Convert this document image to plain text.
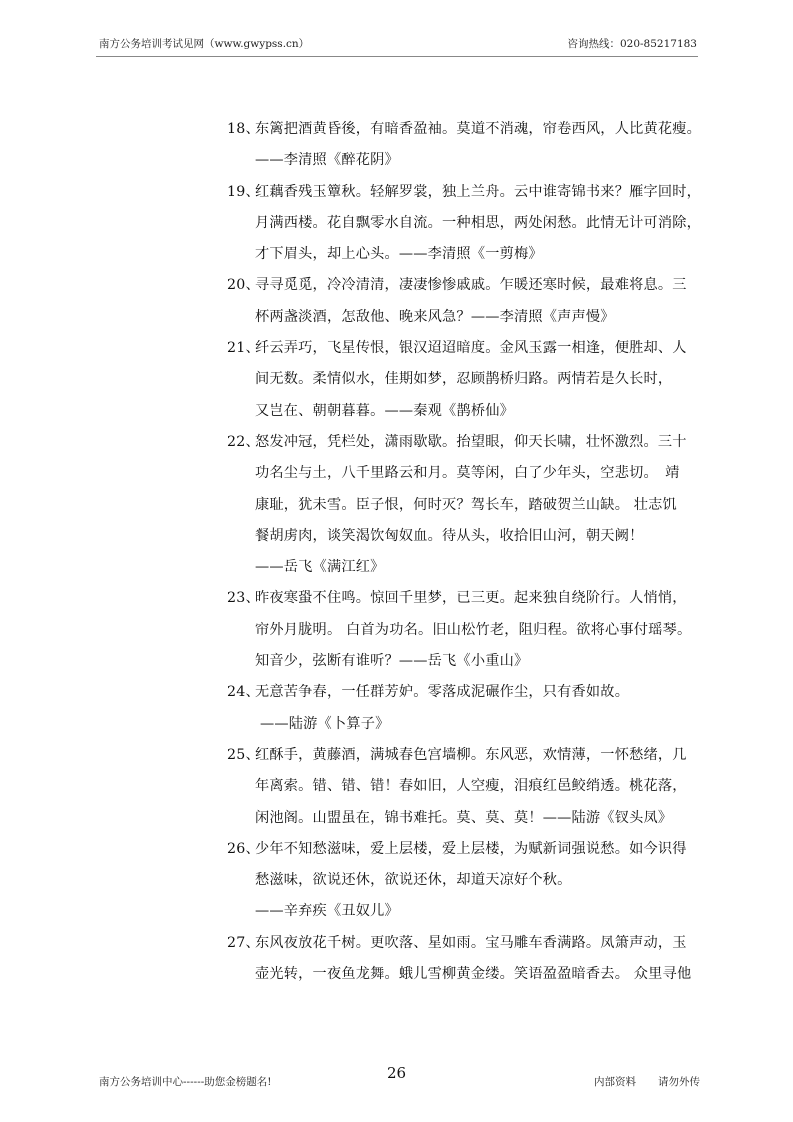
南方公务培训考试见网（www.gwypss.cn）	咨询热线：020-85217183
18、东篱把酒黄昏後，有暗香盈袖。莫道不消魂，帘卷西风，人比黄花瘦。
——李清照《醉花阴》
19、红藕香残玉簟秋。轻解罗裳，独上兰舟。云中谁寄锦书来？雁字回时，
月满西楼。花自飘零水自流。一种相思，两处闲愁。此情无计可消除，
才下眉头，却上心头。——李清照《一剪梅》
20、寻寻觅觅，冷冷清清，凄凄惨惨戚戚。乍暖还寒时候，最难将息。三
杯两盏淡酒，怎敌他、晚来风急？——李清照《声声慢》
21、纤云弄巧，飞星传恨，银汉迢迢暗度。金风玉露一相逢，便胜却、人
间无数。柔情似水，佳期如梦，忍顾鹊桥归路。两情若是久长时，
又岂在、朝朝暮暮。——秦观《鹊桥仙》
22、怒发冲冠，凭栏处，潇雨歇歇。抬望眼，仰天长啸，壮怀激烈。三十
功名尘与土，八千里路云和月。莫等闲，白了少年头，空悲切。　靖
康耻，犹未雪。臣子恨，何时灭？驾长车，踏破贺兰山缺。 壮志饥
餐胡虏肉，谈笑渴饮匈奴血。待从头，收拾旧山河，朝天阙！
——岳飞《满江红》
23、昨夜寒蛩不住鸣。惊回千里梦，已三更。起来独自绕阶行。人悄悄，
帘外月胧明。 白首为功名。旧山松竹老，阻归程。欲将心事付瑶琴。
知音少，弦断有谁听？——岳飞《小重山》
24、无意苦争春，一任群芳妒。零落成泥碾作尘，只有香如故。
——陆游《卜算子》
25、红酥手，黄藤酒，满城春色宫墙柳。东风恶，欢情薄，一怀愁绪，几
年离索。错、错、错！春如旧，人空瘦，泪痕红邑鲛绡透。桃花落，
闲池阁。山盟虽在，锦书难托。莫、莫、莫！——陆游《钗头凤》
26、少年不知愁滋味，爱上层楼，爱上层楼，为赋新词强说愁。如今识得
愁滋味，欲说还休，欲说还休，却道天凉好个秋。
——辛弃疾《丑奴儿》
27、东风夜放花千树。更吹落、星如雨。宝马雕车香满路。凤箫声动，玉
壶光转，一夜鱼龙舞。蛾儿雪柳黄金缕。笑语盈盈暗香去。 众里寻他
26
南方公务培训中心------助您金榜题名!	内部资料 请勿外传
